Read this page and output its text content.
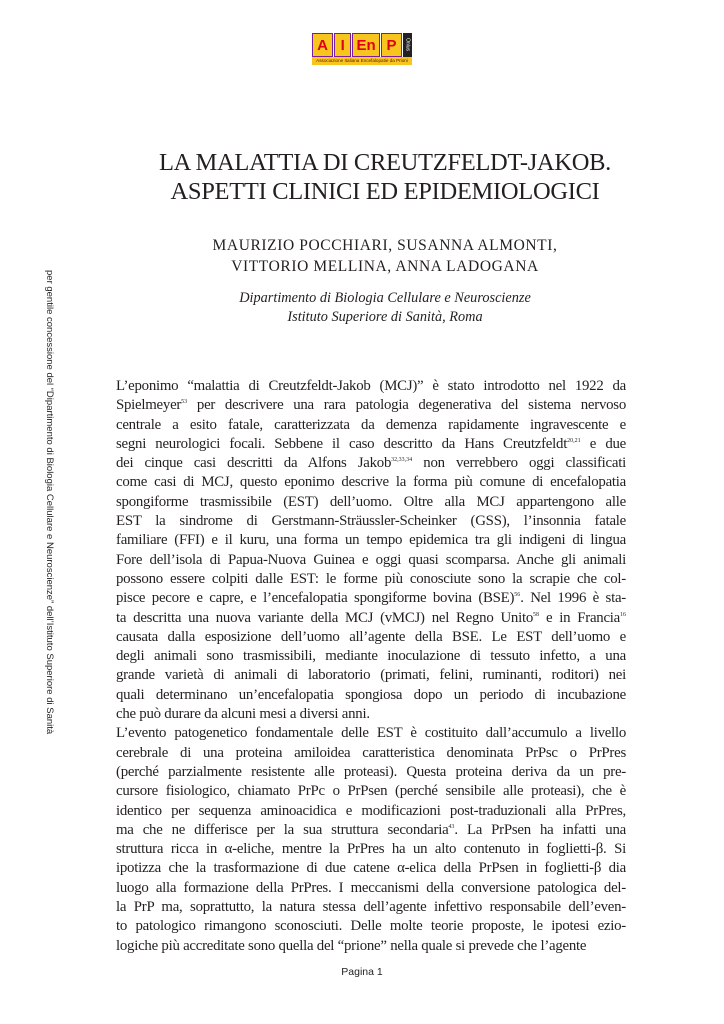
A I En P	Onlus
Associazione Italiana Encefalopatie da Prioni
per gentile concessione del “Dipartimento di Biologia Cellulare e Neuroscienze” dell’Istituto Superiore di Sanità
LA MALATTIA DI CREUTZFELDT-JAKOB.
ASPETTI CLINICI ED EPIDEMIOLOGICI
MAURIZIO POCCHIARI, SUSANNA ALMONTI,
VITTORIO MELLINA, ANNA LADOGANA
Dipartimento di Biologia Cellulare e Neuroscienze
Istituto Superiore di Sanità, Roma

L’eponimo “malattia di Creutzfeldt-Jakob (MCJ)” è stato introdotto nel 1922 da
Spielmeyer$^{53}$ per descrivere una rara patologia degenerativa del sistema nervoso
centrale a esito fatale, caratterizzata da demenza rapidamente ingravescente e
segni neurologici focali. Sebbene il caso descritto da Hans Creutzfeldt$^{20,21}$ e due
dei cinque casi descritti da Alfons Jakob$^{32,33,34}$ non verrebbero oggi classificati
come casi di MCJ, questo eponimo descrive la forma più comune di encefalopatia
spongiforme trasmissibile (EST) dell’uomo. Oltre alla MCJ appartengono alle
EST la sindrome di Gerstmann-Sträussler-Scheinker (GSS), l’insonnia fatale
familiare (FFI) e il kuru, una forma un tempo epidemica tra gli indigeni di lingua
Fore dell’isola di Papua-Nuova Guinea e oggi quasi scomparsa. Anche gli animali
possono essere colpiti dalle EST: le forme più conosciute sono la scrapie che col-
pisce pecore e capre, e l’encefalopatia spongiforme bovina (BSE)$^{56}$. Nel 1996 è sta-
ta descritta una nuova variante della MCJ (vMCJ) nel Regno Unito$^{58}$ e in Francia$^{16}$
causata dalla esposizione dell’uomo all’agente della BSE. Le EST dell’uomo e
degli animali sono trasmissibili, mediante inoculazione di tessuto infetto, a una
grande varietà di animali di laboratorio (primati, felini, ruminanti, roditori) nei
quali determinano un’encefalopatia spongiosa dopo un periodo di incubazione
che può durare da alcuni mesi a diversi anni.

L’evento patogenetico fondamentale delle EST è costituito dall’accumulo a livello
cerebrale di una proteina amiloidea caratteristica denominata PrPsc o PrPres
(perché parzialmente resistente alle proteasi). Questa proteina deriva da un pre-
cursore fisiologico, chiamato PrPc o PrPsen (perché sensibile alle proteasi), che è
identico per sequenza aminoacidica e modificazioni post-traduzionali alla PrPres,
ma che ne differisce per la sua struttura secondaria$^{43}$. La PrPsen ha infatti una
struttura ricca in α-eliche, mentre la PrPres ha un alto contenuto in foglietti-β. Si
ipotizza che la trasformazione di due catene α-elica della PrPsen in foglietti-β dia
luogo alla formazione della PrPres. I meccanismi della conversione patologica del-
la PrP ma, soprattutto, la natura stessa dell’agente infettivo responsabile dell’even-
to patologico rimangono sconosciuti. Delle molte teorie proposte, le ipotesi ezio-
logiche più accreditate sono quella del “prione” nella quale si prevede che l’agente

Pagina 1
